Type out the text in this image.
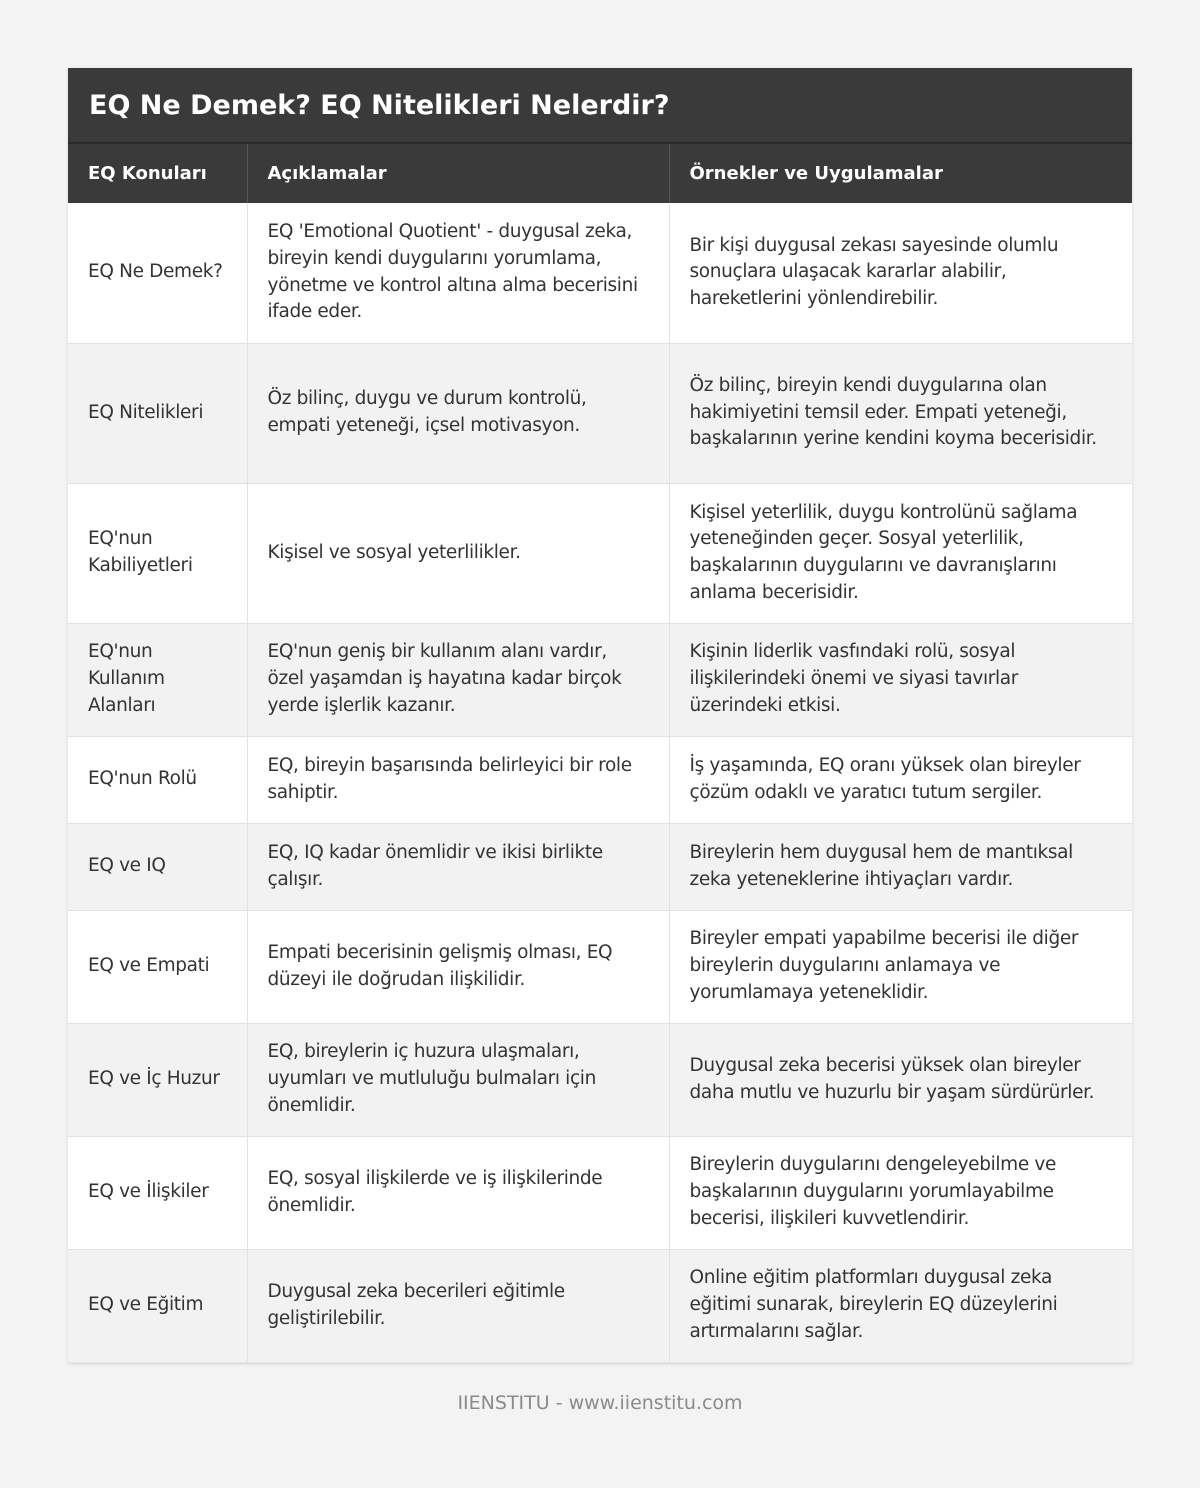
EQ Ne Demek? EQ Nitelikleri Nelerdir?
EQ Konuları	Açıklamalar	Örnekler ve Uygulamalar
EQ Ne Demek?	EQ 'Emotional Quotient' - duygusal zeka, bireyin kendi duygularını yorumlama, yönetme ve kontrol altına alma becerisini ifade eder.	Bir kişi duygusal zekası sayesinde olumlu sonuçlara ulaşacak kararlar alabilir, hareketlerini yönlendirebilir.
EQ Nitelikleri	Öz bilinç, duygu ve durum kontrolü, empati yeteneği, içsel motivasyon.	Öz bilinç, bireyin kendi duygularına olan hakimiyetini temsil eder. Empati yeteneği, başkalarının yerine kendini koyma becerisidir.
EQ'nun Kabiliyetleri	Kişisel ve sosyal yeterlilikler.	Kişisel yeterlilik, duygu kontrolünü sağlama yeteneğinden geçer. Sosyal yeterlilik, başkalarının duygularını ve davranışlarını anlama becerisidir.
EQ'nun Kullanım Alanları	EQ'nun geniş bir kullanım alanı vardır, özel yaşamdan iş hayatına kadar birçok yerde işlerlik kazanır.	Kişinin liderlik vasfındaki rolü, sosyal ilişkilerindeki önemi ve siyasi tavırlar üzerindeki etkisi.
EQ'nun Rolü	EQ, bireyin başarısında belirleyici bir role sahiptir.	İş yaşamında, EQ oranı yüksek olan bireyler çözüm odaklı ve yaratıcı tutum sergiler.
EQ ve IQ	EQ, IQ kadar önemlidir ve ikisi birlikte çalışır.	Bireylerin hem duygusal hem de mantıksal zeka yeteneklerine ihtiyaçları vardır.
EQ ve Empati	Empati becerisinin gelişmiş olması, EQ düzeyi ile doğrudan ilişkilidir.	Bireyler empati yapabilme becerisi ile diğer bireylerin duygularını anlamaya ve yorumlamaya yeteneklidir.
EQ ve İç Huzur	EQ, bireylerin iç huzura ulaşmaları, uyumları ve mutluluğu bulmaları için önemlidir.	Duygusal zeka becerisi yüksek olan bireyler daha mutlu ve huzurlu bir yaşam sürdürürler.
EQ ve İlişkiler	EQ, sosyal ilişkilerde ve iş ilişkilerinde önemlidir.	Bireylerin duygularını dengeleyebilme ve başkalarının duygularını yorumlayabilme becerisi, ilişkileri kuvvetlendirir.
EQ ve Eğitim	Duygusal zeka becerileri eğitimle geliştirilebilir.	Online eğitim platformları duygusal zeka eğitimi sunarak, bireylerin EQ düzeylerini artırmalarını sağlar.
IIENSTITU - www.iienstitu.com
